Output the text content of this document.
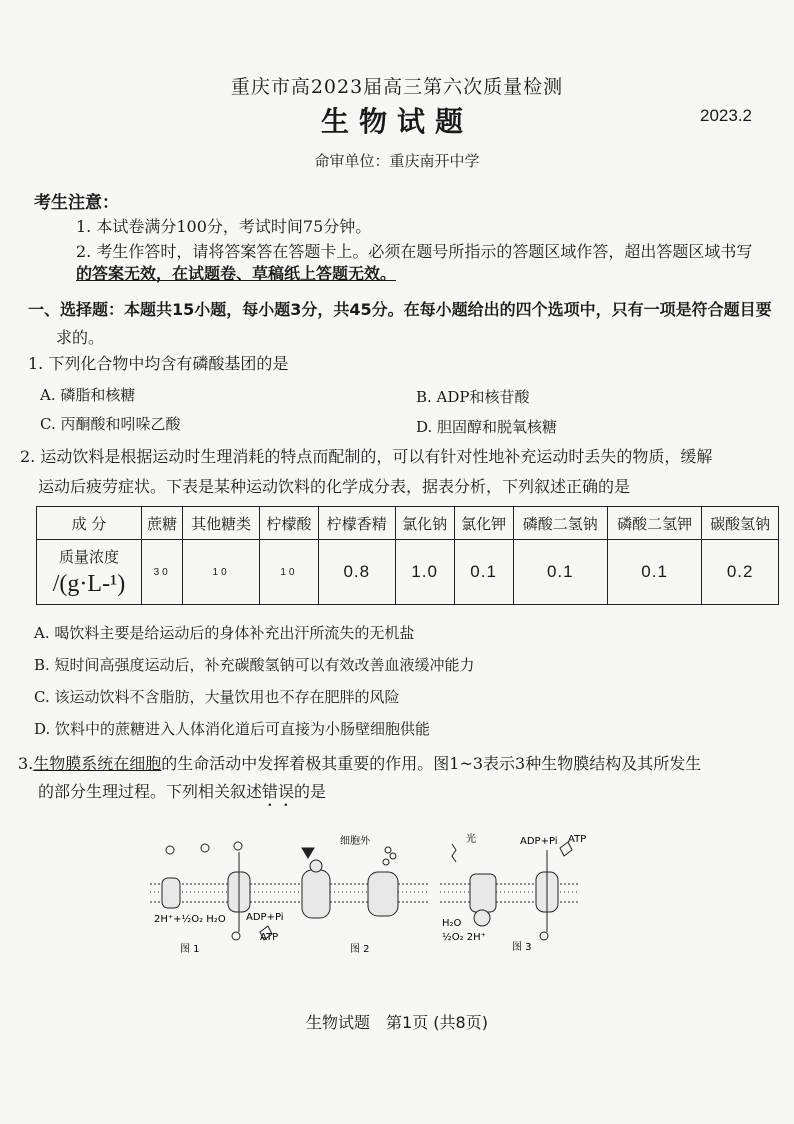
重庆市高2023届高三第六次质量检测
生物试题	2023.2
命审单位：重庆南开中学
考生注意：
1. 本试卷满分100分，考试时间75分钟。
2. 考生作答时，请将答案答在答题卡上。必须在题号所指示的答题区域作答，超出答题区域书写
的答案无效，在试题卷、草稿纸上答题无效。
一、选择题：本题共15小题，每小题3分，共45分。在每小题给出的四个选项中，只有一项是符合题目要
求的。
1. 下列化合物中均含有磷酸基团的是
A. 磷脂和核糖	B. ADP和核苷酸
C. 丙酮酸和吲哚乙酸	D. 胆固醇和脱氧核糖
2. 运动饮料是根据运动时生理消耗的特点而配制的，可以有针对性地补充运动时丢失的物质，缓解
运动后疲劳症状。下表是某种运动饮料的化学成分表，据表分析，下列叙述正确的是
成 分	蔗糖	其他糖类	柠檬酸	柠檬香精	氯化钠	氯化钾	磷酸二氢钠	磷酸二氢钾	碳酸氢钠
质量浓度
/(g·L-¹)	30	10	10	0.8	1.0	0.1	0.1	0.1	0.2
A. 喝饮料主要是给运动后的身体补充出汗所流失的无机盐
B. 短时间高强度运动后，补充碳酸氢钠可以有效改善血液缓冲能力
C. 该运动饮料不含脂肪，大量饮用也不存在肥胖的风险
D. 饮料中的蔗糖进入人体消化道后可直接为小肠壁细胞供能
3.生物膜系统在细胞的生命活动中发挥着极其重要的作用。图1~3表示3种生物膜结构及其所发生
的部分生理过程。下列相关叙述错误的是
2H⁺+½O₂ H₂O ADP+Pi
ATP
图 1
细胞外
图 2
光	ADP+Pi ATP
H₂O
½O₂ 2H⁺
图 3
生物试题　第1页 (共8页)
